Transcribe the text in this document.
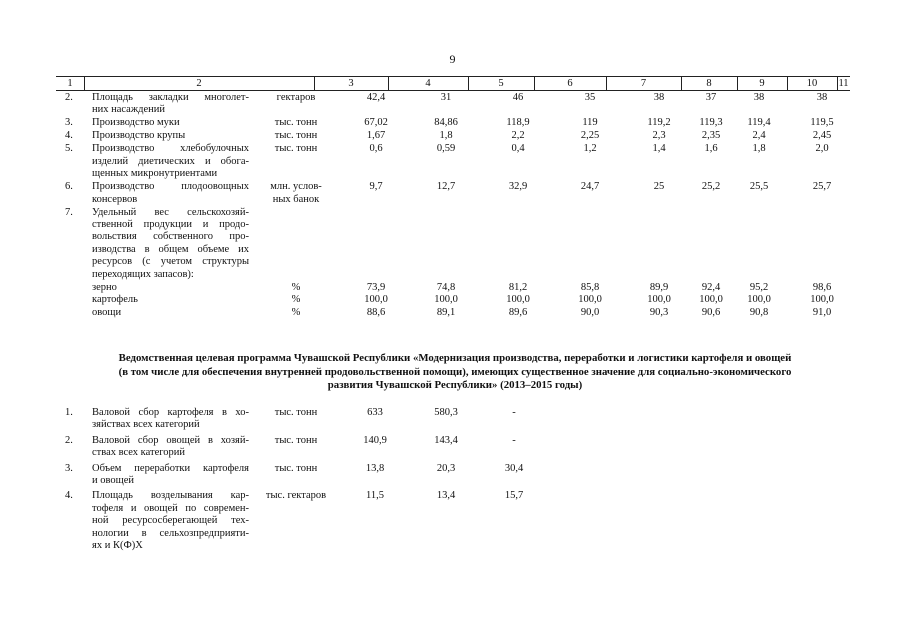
9
1	2	3	4	5	6	7	8	9	10	11
2. Площадь закладки многолет-
них насаждений
гектаров	42,4	31	46	35	38	37	38	38
3. Производство муки	тыс. тонн	67,02	84,86	118,9	119	119,2	119,3	119,4	119,5
4. Производство крупы	тыс. тонн	1,67	1,8	2,2	2,25	2,3	2,35	2,4	2,45
5. Производство хлебобулочных
изделий диетических и обога-
щенных микронутриентами
тыс. тонн	0,6	0,59	0,4	1,2	1,4	1,6	1,8	2,0
6. Производство плодоовощных
консервов
млн. услов-
ных банок
9,7	12,7	32,9	24,7	25	25,2	25,5	25,7
7. Удельный вес сельскохозяй-
ственной продукции и продо-
вольствия собственного про-
изводства в общем объеме их
ресурсов (с учетом структуры
переходящих запасов):
зерно	%	73,9	74,8	81,2	85,8	89,9	92,4	95,2	98,6
картофель	%	100,0	100,0	100,0	100,0	100,0	100,0	100,0	100,0
овощи	%	88,6	89,1	89,6	90,0	90,3	90,6	90,8	91,0
Ведомственная целевая программа Чувашской Республики «Модернизация производства, переработки и логистики картофеля и овощей
(в том числе для обеспечения внутренней продовольственной помощи), имеющих существенное значение для социально-экономического
развития Чувашской Республики» (2013–2015 годы)
1. Валовой сбор картофеля в хо-
зяйствах всех категорий
тыс. тонн	633	580,3	-
2. Валовой сбор овощей в хозяй-
ствах всех категорий
тыс. тонн	140,9	143,4	-
3. Объем переработки картофеля
и овощей
тыс. тонн	13,8	20,3	30,4
4. Площадь возделывания кар-
тофеля и овощей по современ-
ной ресурсосберегающей тех-
нологии в сельхозпредприяти-
ях и К(Ф)Х
тыс. гектаров	11,5	13,4	15,7
